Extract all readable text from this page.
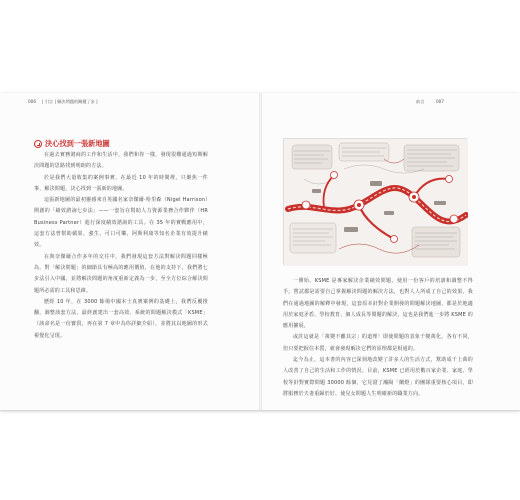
006 | 引言 | 解決問題的關鍵了步 |
決心找到一張新地圖

在過去實務諮商的工作和生活中，我們和你一樣，發現很難通過短期解決問題的思路找到明朗的方法。

於是我們大量收集的案例事實，在最近 10 年的時間裡，只聚焦一件事，解決問題，決心找到一張新的地圖。

這張新地圖的最初靈感來自英國名家奈傑爾·哈里森（Nigel Harrison）開創的「績效諮詢七步法」——一套旨在幫助人力資源業務合作夥伴（HR Business Partner）進行深度績效諮詢的工具。在 35 年的實戰應用中，這套方法曾幫助蘋果、強生、可口可樂、阿斯利康等知名企業有效提升績效。

在與奈傑爾合作多年的交往中，我們發現這套方法對解決問題同樣極為，對「解決問題」的細節具有極高的應用價值，在他的支持下，我們將七步法引入中國，並將解決問題的角度重新定義為一步，至全方位綜合解決問題所必需的工具和思維。

歷經 10 年，在 3000 餘場中國本土真實案例的基礎上，我們反覆推翻、調整該套方法，最終創建出一套高效、系統的問題解決模式「KSME」（該命名是一份寶貴，再在第 7 章中為你詳細介紹），並將其以地圖的形式視覺化呈現。

前言	007

一開始，KSME 是專家解決企業績效問題，使用一份客戶的培訓和調整不得手，嘗試都是需要自己掌握解決問題的解決方法，也對人人所成了自己的效果。我們在通過地圖的解釋中發現，這套原本針對企業開發的問題解決地圖，都是於地適用於家庭矛盾、學校教育、個人成長等問題的解決，這也是我們進一步將 KSME 的應用擴展。

或許這就是「萬變不離其宗」的道理！即使問題的表象千變萬化，各有不同，但只要把握住本質，就會發現解決它們的原理都是相通的。

迄今為止，這本書的內容已深刻地改變了許多人的生活方式，幫助成千上萬的人改善了自己的生活和工作的情況。目前，KSME 已經用於數百家企業、家庭、學校等針對實際問題 30000 餘個，它見證了瀚陽「蘭燈」的團隊重要核心項目，即將服務於夫妻重歸於好、使兒女問題人生明確新的職業方向。
